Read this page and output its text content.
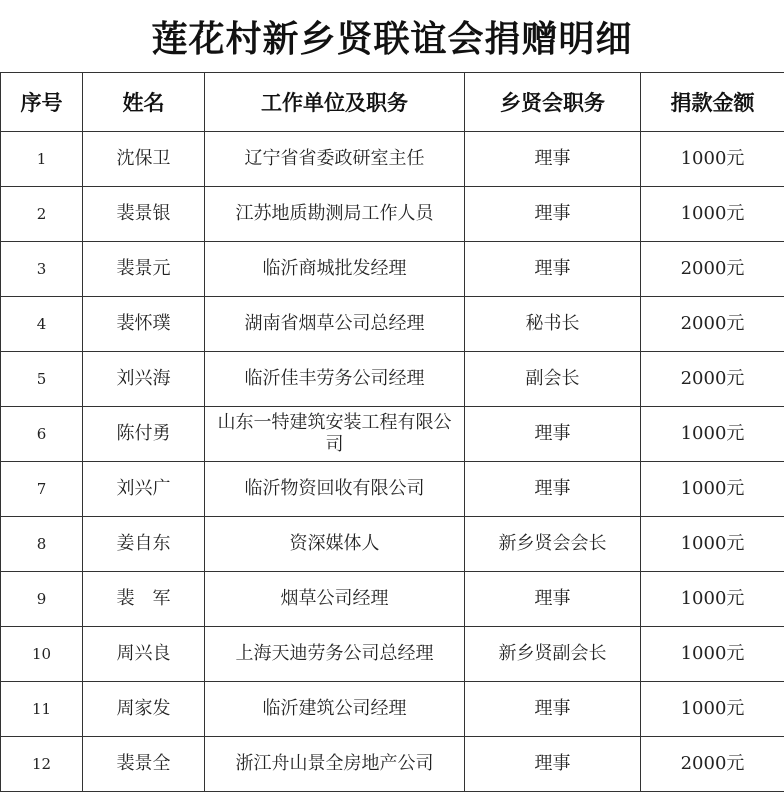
莲花村新乡贤联谊会捐赠明细
序号	姓名	工作单位及职务	乡贤会职务	捐款金额
1	沈保卫	辽宁省省委政研室主任	理事	1000元
2	裴景银	江苏地质勘测局工作人员	理事	1000元
3	裴景元	临沂商城批发经理	理事	2000元
4	裴怀璞	湖南省烟草公司总经理	秘书长	2000元
5	刘兴海	临沂佳丰劳务公司经理	副会长	2000元
6	陈付勇	山东一特建筑安装工程有限公司	理事	1000元
7	刘兴广	临沂物资回收有限公司	理事	1000元
8	姜自东	资深媒体人	新乡贤会会长	1000元
9	裴　军	烟草公司经理	理事	1000元
10	周兴良	上海天迪劳务公司总经理	新乡贤副会长	1000元
11	周家发	临沂建筑公司经理	理事	1000元
12	裴景全	浙江舟山景全房地产公司	理事	2000元
